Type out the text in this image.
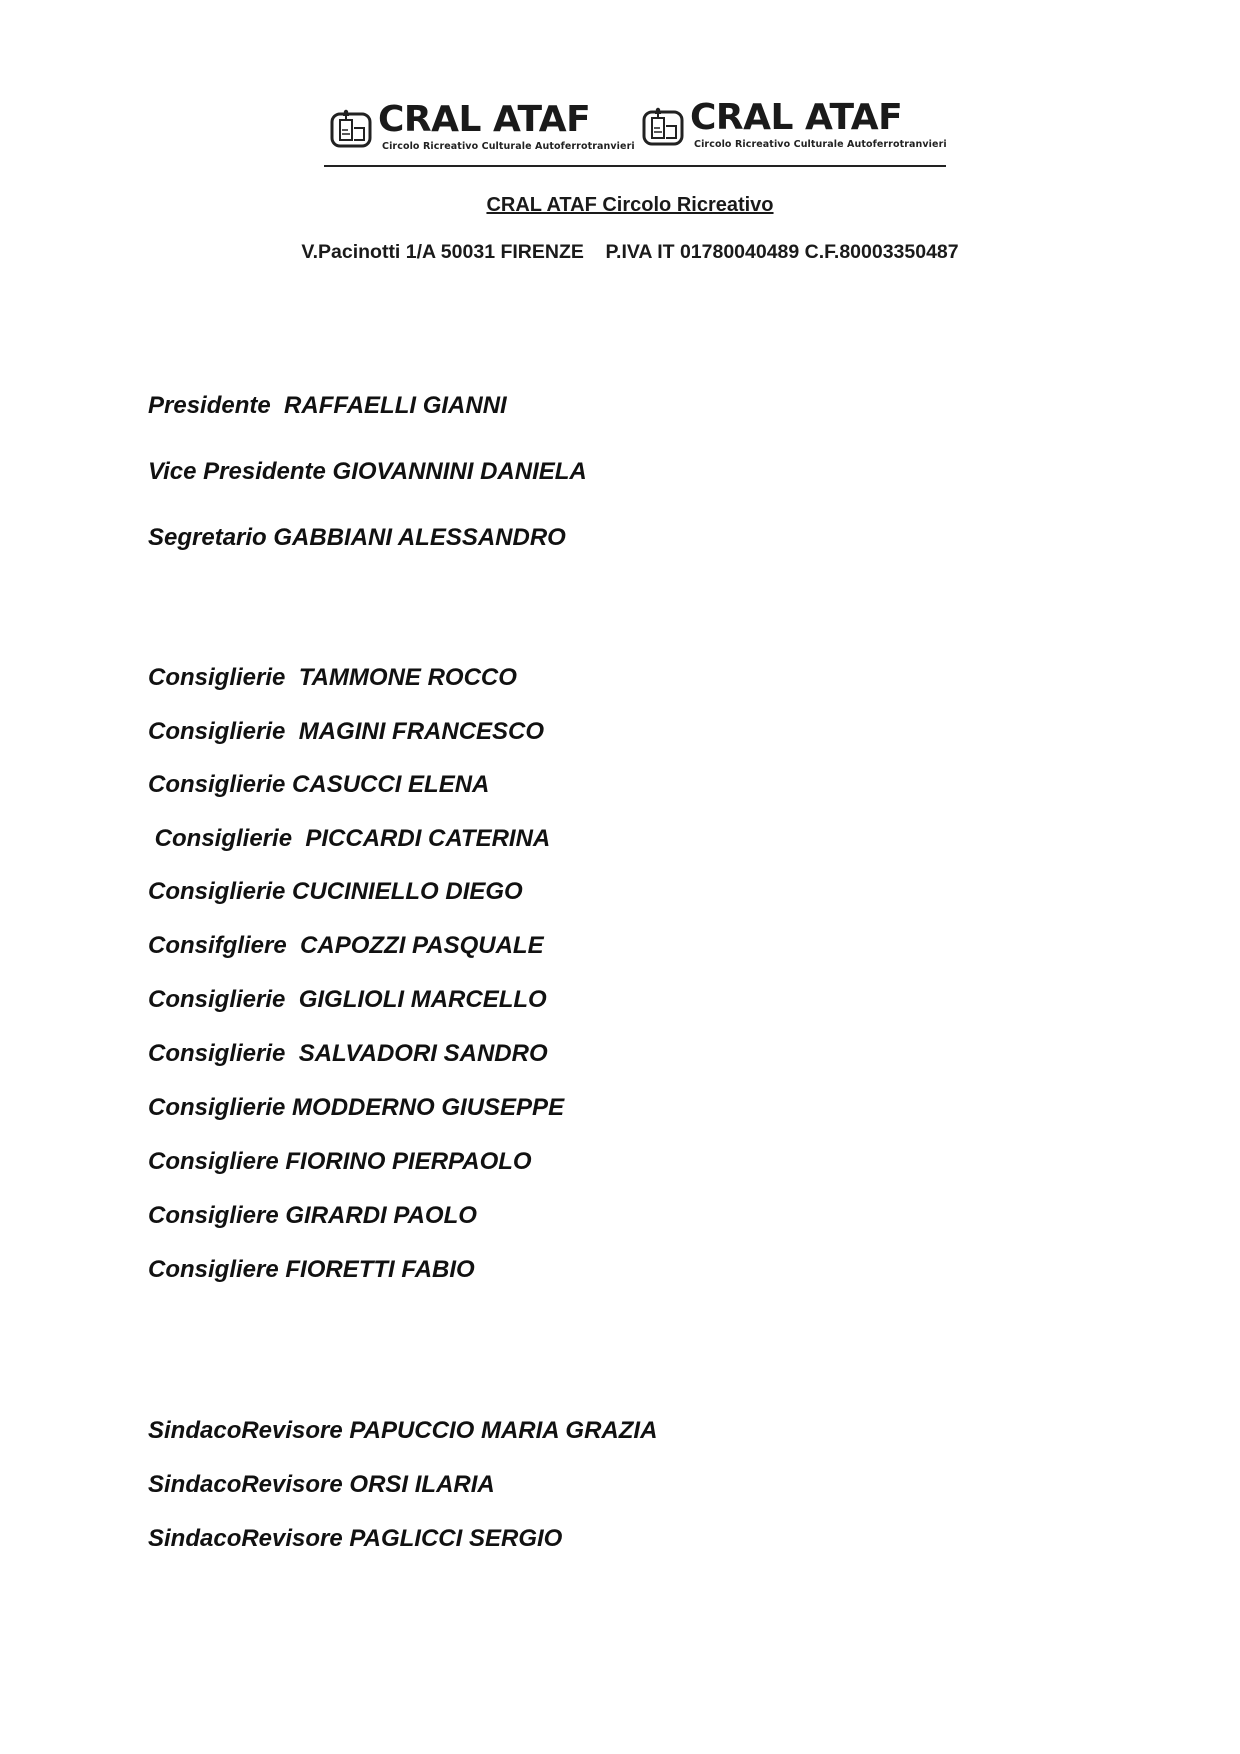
CRAL ATAF
Circolo Ricreativo Culturale Autoferrotranvieri
CRAL ATAF
Circolo Ricreativo Culturale Autoferrotranvieri
CRAL ATAF Circolo Ricreativo
V.Pacinotti 1/A 50031 FIRENZE    P.IVA IT 01780040489 C.F.80003350487
Presidente  RAFFAELLI GIANNI
Vice Presidente GIOVANNINI DANIELA
Segretario GABBIANI ALESSANDRO
Consiglierie  TAMMONE ROCCO
Consiglierie  MAGINI FRANCESCO
Consiglierie CASUCCI ELENA
Consiglierie  PICCARDI CATERINA
Consiglierie CUCINIELLO DIEGO
Consifgliere  CAPOZZI PASQUALE
Consiglierie  GIGLIOLI MARCELLO
Consiglierie  SALVADORI SANDRO
Consiglierie MODDERNO GIUSEPPE
Consigliere FIORINO PIERPAOLO
Consigliere GIRARDI PAOLO
Consigliere FIORETTI FABIO
SindacoRevisore PAPUCCIO MARIA GRAZIA
SindacoRevisore ORSI ILARIA
SindacoRevisore PAGLICCI SERGIO
